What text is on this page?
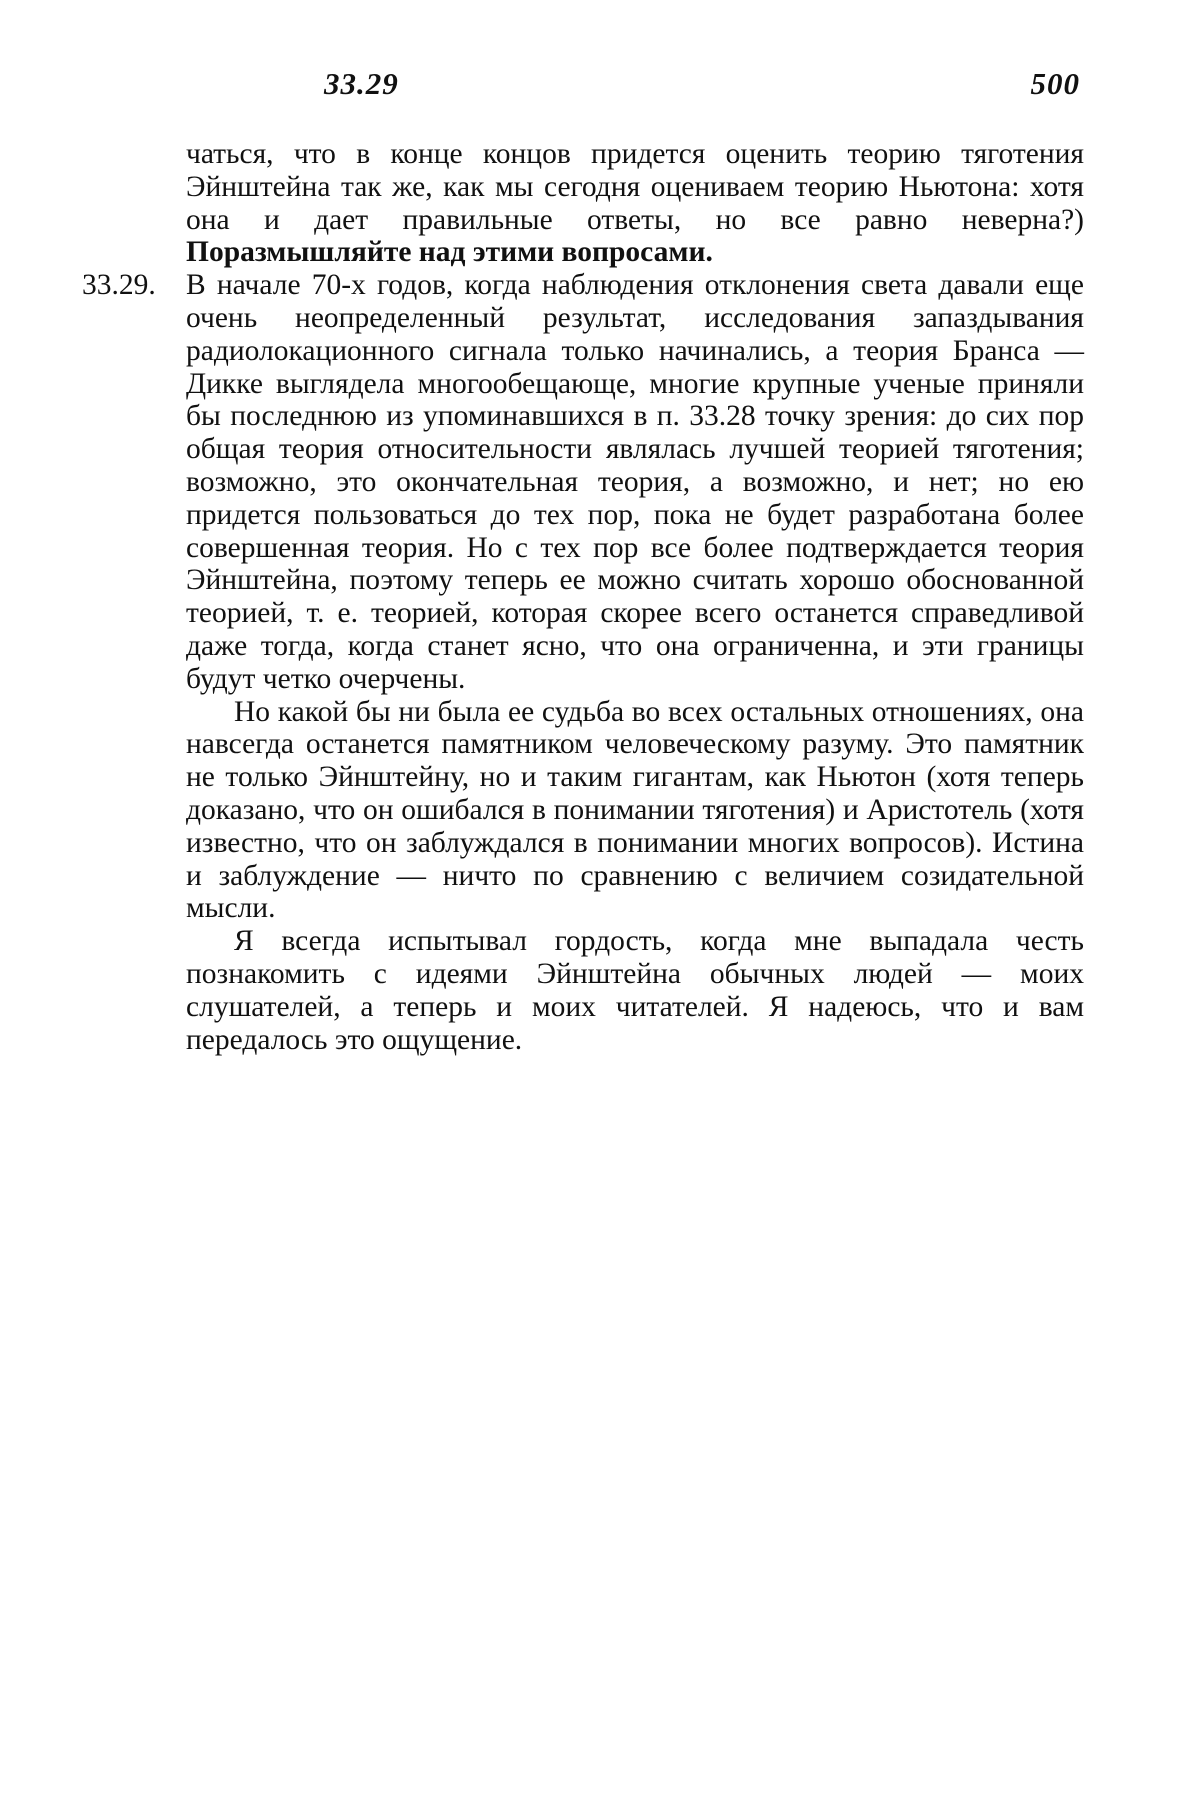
33.29	500

чаться, что в конце концов придется оценить теорию тяготения Эйнштейна так же, как мы сегодня оцениваем теорию Ньютона: хотя она и дает правильные ответы, но все равно неверна?) Поразмышляйте над этими вопросами.

33.29.	В начале 70-х годов, когда наблюдения отклонения света давали еще очень неопределенный результат, исследования запаздывания радиолокационного сигнала только начинались, а теория Бранса — Дикке выглядела многообещающе, многие крупные ученые приняли бы последнюю из упоминавшихся в п. 33.28 точку зрения: до сих пор общая теория относительности являлась лучшей теорией тяготения; возможно, это окончательная теория, а возможно, и нет; но ею придется пользоваться до тех пор, пока не будет разработана более совершенная теория. Но с тех пор все более подтверждается теория Эйнштейна, поэтому теперь ее можно считать хорошо обоснованной теорией, т. е. теорией, которая скорее всего останется справедливой даже тогда, когда станет ясно, что она ограниченна, и эти границы будут четко очерчены.

Но какой бы ни была ее судьба во всех остальных отношениях, она навсегда останется памятником человеческому разуму. Это памятник не только Эйнштейну, но и таким гигантам, как Ньютон (хотя теперь доказано, что он ошибался в понимании тяготения) и Аристотель (хотя известно, что он заблуждался в понимании многих вопросов). Истина и заблуждение — ничто по сравнению с величием созидательной мысли.

Я всегда испытывал гордость, когда мне выпадала честь познакомить с идеями Эйнштейна обычных людей — моих слушателей, а теперь и моих читателей. Я надеюсь, что и вам передалось это ощущение.
